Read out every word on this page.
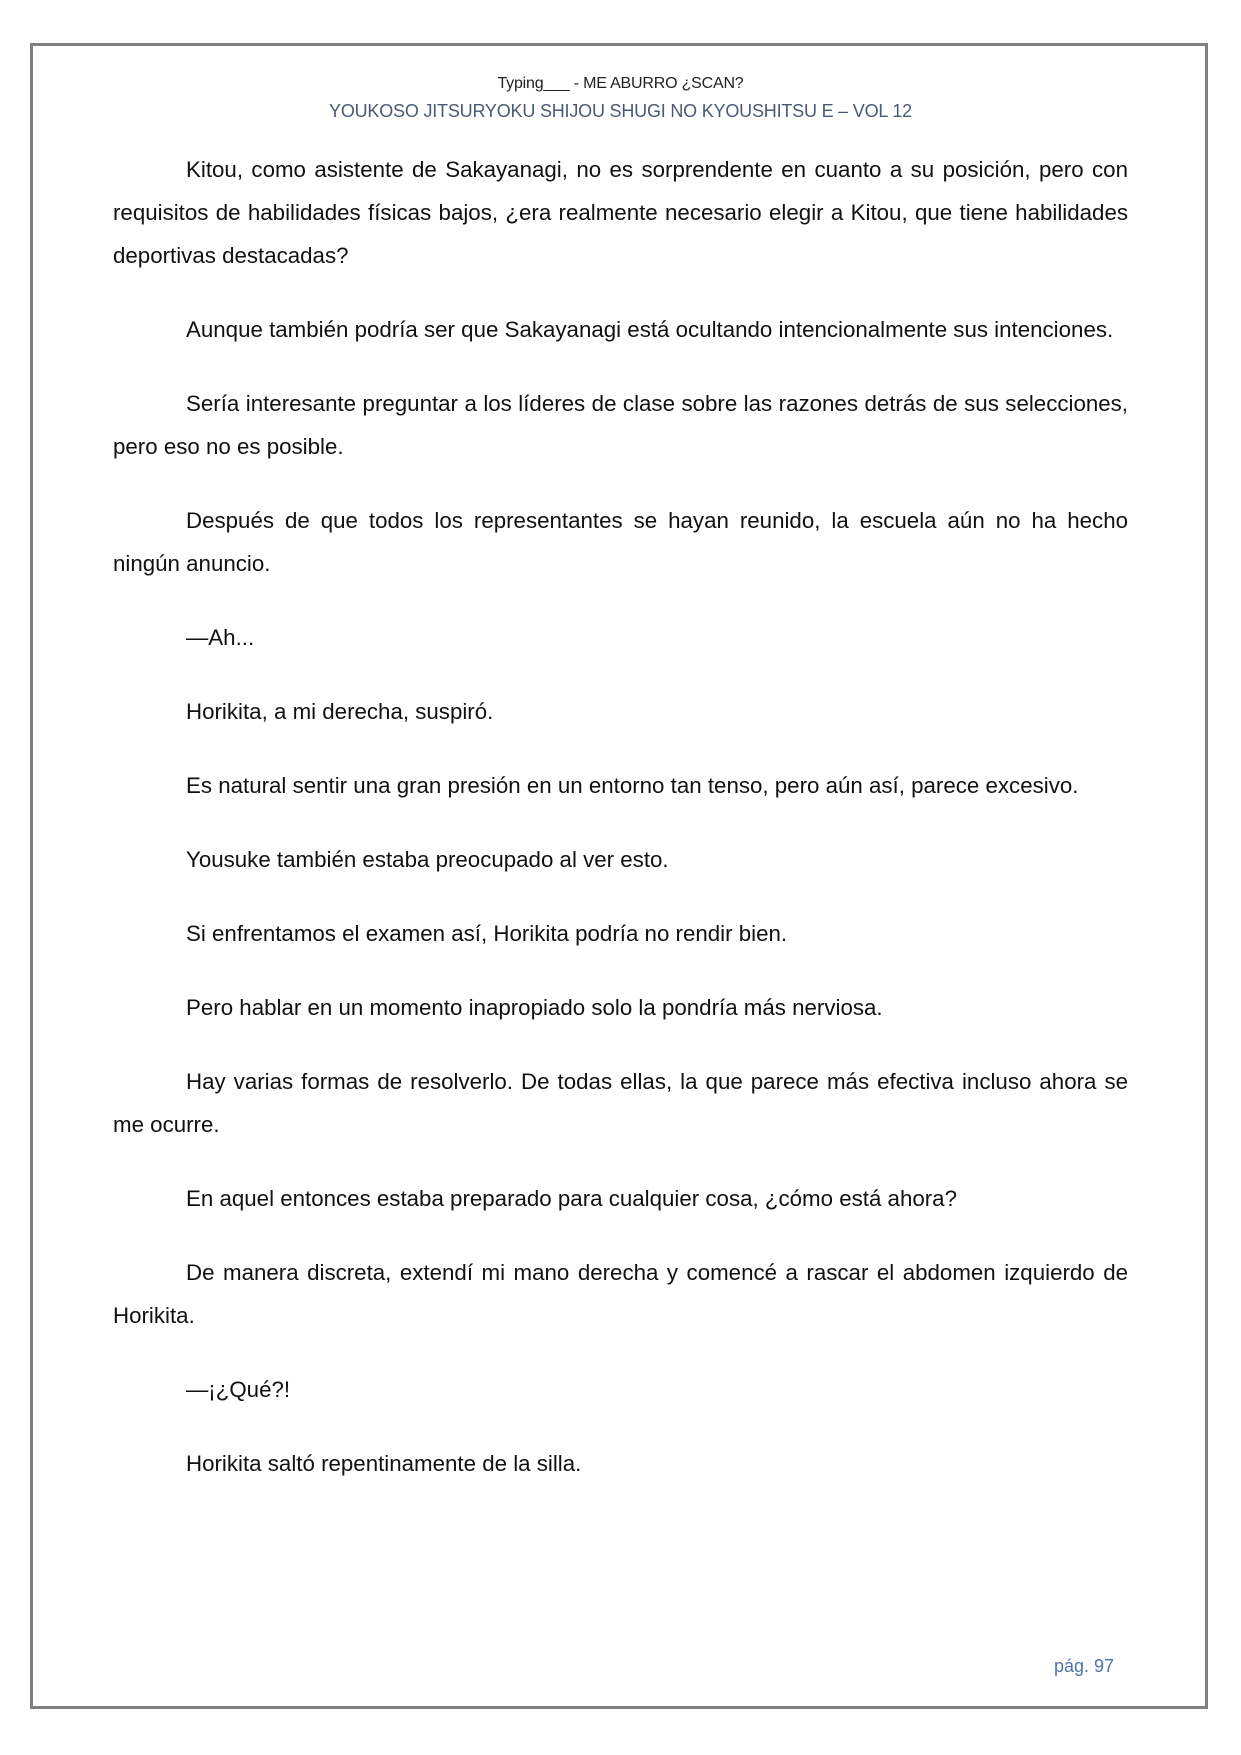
Typing___ - ME ABURRO ¿SCAN?
YOUKOSO JITSURYOKU SHIJOU SHUGI NO KYOUSHITSU E – VOL 12

Kitou, como asistente de Sakayanagi, no es sorprendente en cuanto a su posición, pero con requisitos de habilidades físicas bajos, ¿era realmente necesario elegir a Kitou, que tiene habilidades deportivas destacadas?

Aunque también podría ser que Sakayanagi está ocultando intencionalmente sus intenciones.

Sería interesante preguntar a los líderes de clase sobre las razones detrás de sus selecciones, pero eso no es posible.

Después de que todos los representantes se hayan reunido, la escuela aún no ha hecho ningún anuncio.

—Ah...

Horikita, a mi derecha, suspiró.

Es natural sentir una gran presión en un entorno tan tenso, pero aún así, parece excesivo.

Yousuke también estaba preocupado al ver esto.

Si enfrentamos el examen así, Horikita podría no rendir bien.

Pero hablar en un momento inapropiado solo la pondría más nerviosa.

Hay varias formas de resolverlo. De todas ellas, la que parece más efectiva incluso ahora se me ocurre.

En aquel entonces estaba preparado para cualquier cosa, ¿cómo está ahora?

De manera discreta, extendí mi mano derecha y comencé a rascar el abdomen izquierdo de Horikita.

—¡¿Qué?!

Horikita saltó repentinamente de la silla.

pág. 97
